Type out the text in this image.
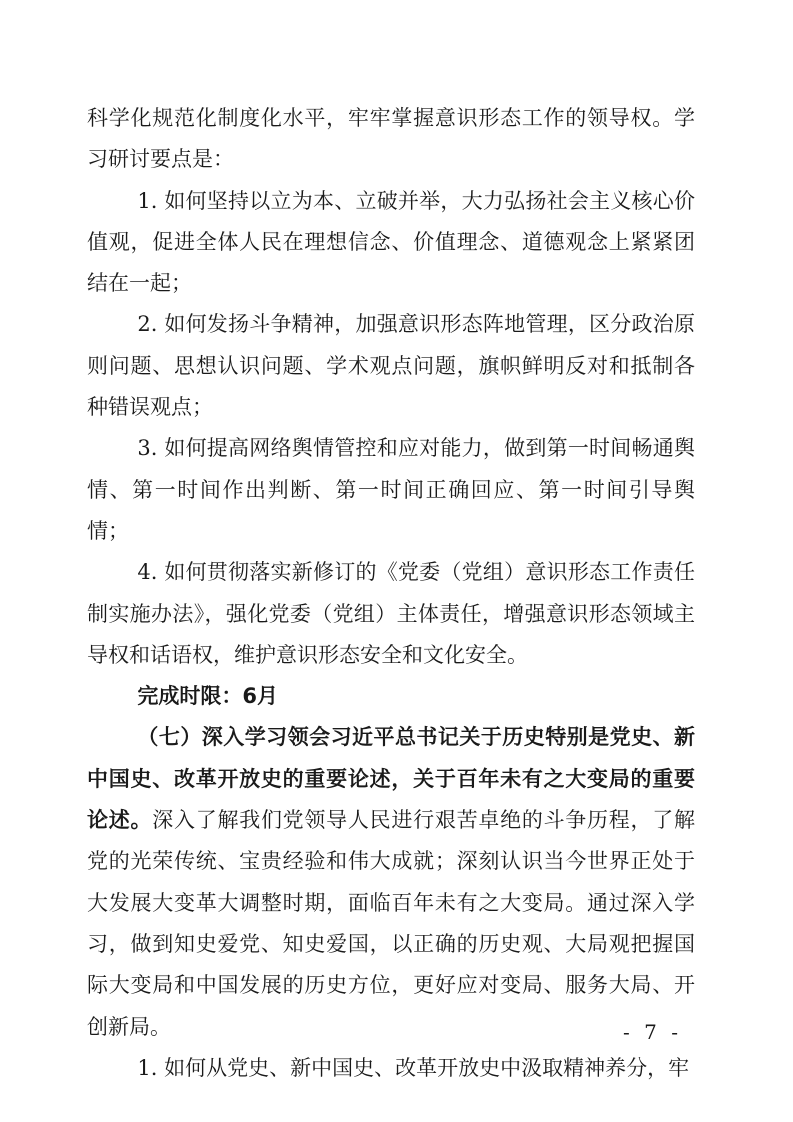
科学化规范化制度化水平，牢牢掌握意识形态工作的领导权。学习研讨要点是：

1. 如何坚持以立为本、立破并举，大力弘扬社会主义核心价值观，促进全体人民在理想信念、价值理念、道德观念上紧紧团结在一起；

2. 如何发扬斗争精神，加强意识形态阵地管理，区分政治原则问题、思想认识问题、学术观点问题，旗帜鲜明反对和抵制各种错误观点；

3. 如何提高网络舆情管控和应对能力，做到第一时间畅通舆情、第一时间作出判断、第一时间正确回应、第一时间引导舆情；

4. 如何贯彻落实新修订的《党委（党组）意识形态工作责任制实施办法》，强化党委（党组）主体责任，增强意识形态领域主导权和话语权，维护意识形态安全和文化安全。

完成时限：6月

（七）深入学习领会习近平总书记关于历史特别是党史、新中国史、改革开放史的重要论述，关于百年未有之大变局的重要论述。深入了解我们党领导人民进行艰苦卓绝的斗争历程，了解党的光荣传统、宝贵经验和伟大成就；深刻认识当今世界正处于大发展大变革大调整时期，面临百年未有之大变局。通过深入学习，做到知史爱党、知史爱国，以正确的历史观、大局观把握国际大变局和中国发展的历史方位，更好应对变局、服务大局、开创新局。

1. 如何从党史、新中国史、改革开放史中汲取精神养分，牢

- 7 -
